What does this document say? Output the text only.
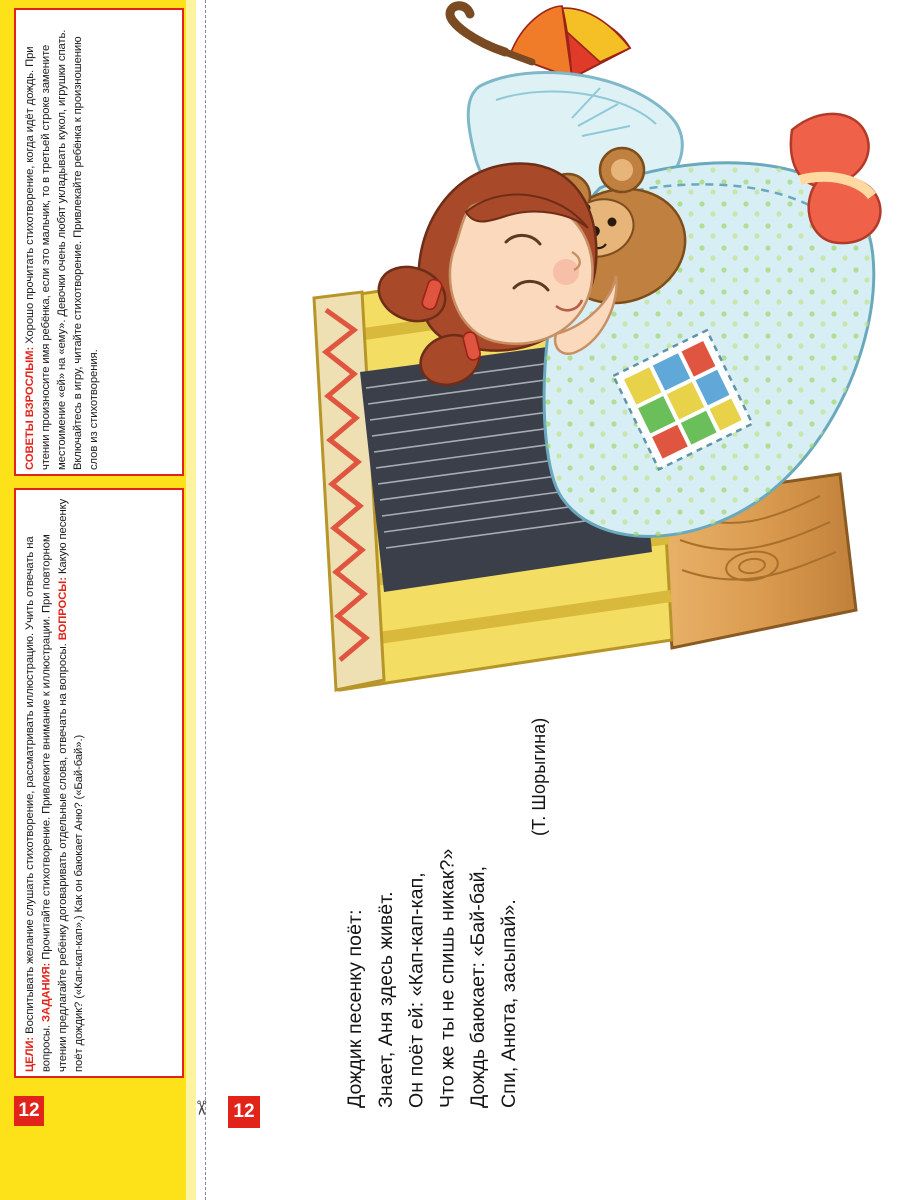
✂
СОВЕТЫ ВЗРОСЛЫМ: Хорошо прочитать стихотворение, когда идёт дождь. При чтении произносите имя ребёнка, если это мальчик, то в третьей строке замените местоимение «ей» на «ему». Девочки очень любят укладывать кукол, игрушки спать. Включайтесь в игру, читайте стихотворение. Привлекайте ребёнка к произношению слов из стихотворения.
ЦЕЛИ: Воспитывать желание слушать стихотворение, рассматривать иллюстрацию. Учить отвечать на вопросы. ЗАДАНИЯ: Прочитайте стихотворение. Привлеките внимание к иллюстрации. При повторном чтении предлагайте ребёнку договаривать отдельные слова, отвечать на вопросы. ВОПРОСЫ: Какую песенку поёт дождик? («Кап-кап-кап».) Как он баюкает Аню? («Бай-бай».)
12	12
Дождик песенку поёт: Знает, Аня здесь живёт. Он поёт ей: «Кап-кап-кап, Что же ты не спишь никак?» Дождь баюкает: «Бай-бай, Спи, Анюта, засыпай».

(Т. Шорыгина)
